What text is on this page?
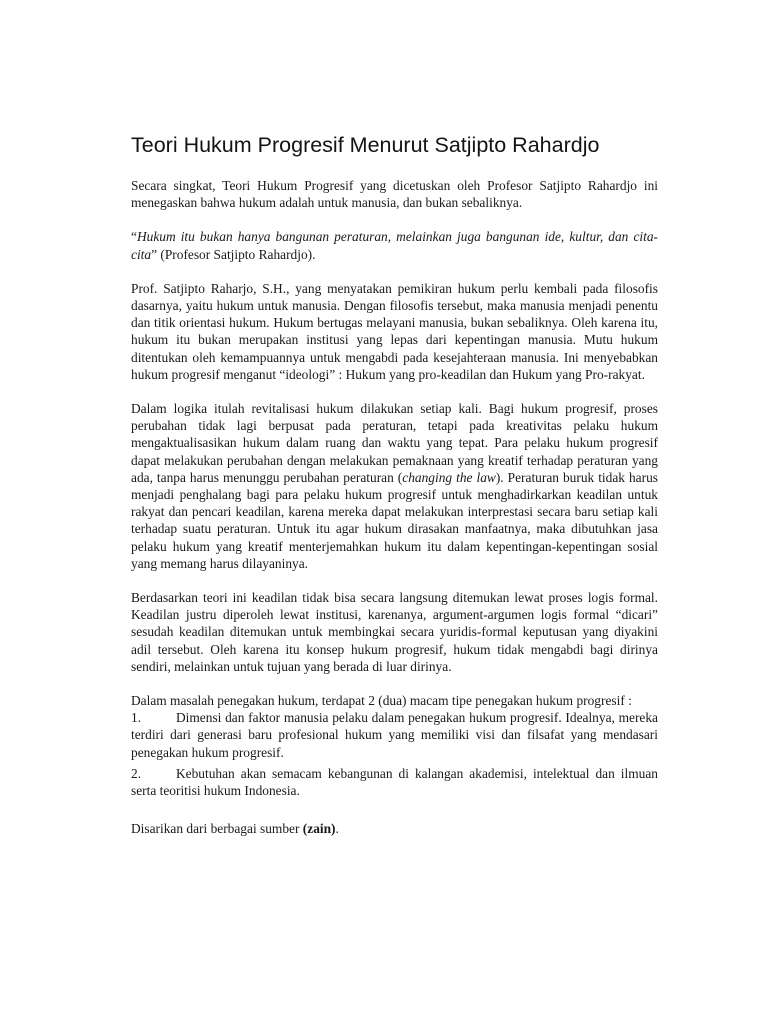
Teori Hukum Progresif Menurut Satjipto Rahardjo

Secara singkat, Teori Hukum Progresif yang dicetuskan oleh Profesor Satjipto Rahardjo ini menegaskan bahwa hukum adalah untuk manusia, dan bukan sebaliknya.

“Hukum itu bukan hanya bangunan peraturan, melainkan juga bangunan ide, kultur, dan cita-cita” (Profesor Satjipto Rahardjo).

Prof. Satjipto Raharjo, S.H., yang menyatakan pemikiran hukum perlu kembali pada filosofis dasarnya, yaitu hukum untuk manusia. Dengan filosofis tersebut, maka manusia menjadi penentu dan titik orientasi hukum. Hukum bertugas melayani manusia, bukan sebaliknya. Oleh karena itu, hukum itu bukan merupakan institusi yang lepas dari kepentingan manusia. Mutu hukum ditentukan oleh kemampuannya untuk mengabdi pada kesejahteraan manusia. Ini menyebabkan hukum progresif menganut “ideologi” : Hukum yang pro-keadilan dan Hukum yang Pro-rakyat.

Dalam logika itulah revitalisasi hukum dilakukan setiap kali. Bagi hukum progresif, proses perubahan tidak lagi berpusat pada peraturan, tetapi pada kreativitas pelaku hukum mengaktualisasikan hukum dalam ruang dan waktu yang tepat. Para pelaku hukum progresif dapat melakukan perubahan dengan melakukan pemaknaan yang kreatif terhadap peraturan yang ada, tanpa harus menunggu perubahan peraturan (changing the law). Peraturan buruk tidak harus menjadi penghalang bagi para pelaku hukum progresif untuk menghadirkarkan keadilan untuk rakyat dan pencari keadilan, karena mereka dapat melakukan interprestasi secara baru setiap kali terhadap suatu peraturan. Untuk itu agar hukum dirasakan manfaatnya, maka dibutuhkan jasa pelaku hukum yang kreatif menterjemahkan hukum itu dalam kepentingan-kepentingan sosial yang memang harus dilayaninya.

Berdasarkan teori ini keadilan tidak bisa secara langsung ditemukan lewat proses logis formal. Keadilan justru diperoleh lewat institusi, karenanya, argument-argumen logis formal “dicari” sesudah keadilan ditemukan untuk membingkai secara yuridis-formal keputusan yang diyakini adil tersebut. Oleh karena itu konsep hukum progresif, hukum tidak mengabdi bagi dirinya sendiri, melainkan untuk tujuan yang berada di luar dirinya.

Dalam masalah penegakan hukum, terdapat 2 (dua) macam tipe penegakan hukum progresif :

1.	Dimensi dan faktor manusia pelaku dalam penegakan hukum progresif. Idealnya, mereka terdiri dari generasi baru profesional hukum yang memiliki visi dan filsafat yang mendasari penegakan hukum progresif.

2.	Kebutuhan akan semacam kebangunan di kalangan akademisi, intelektual dan ilmuan serta teoritisi hukum Indonesia.

Disarikan dari berbagai sumber (zain).
